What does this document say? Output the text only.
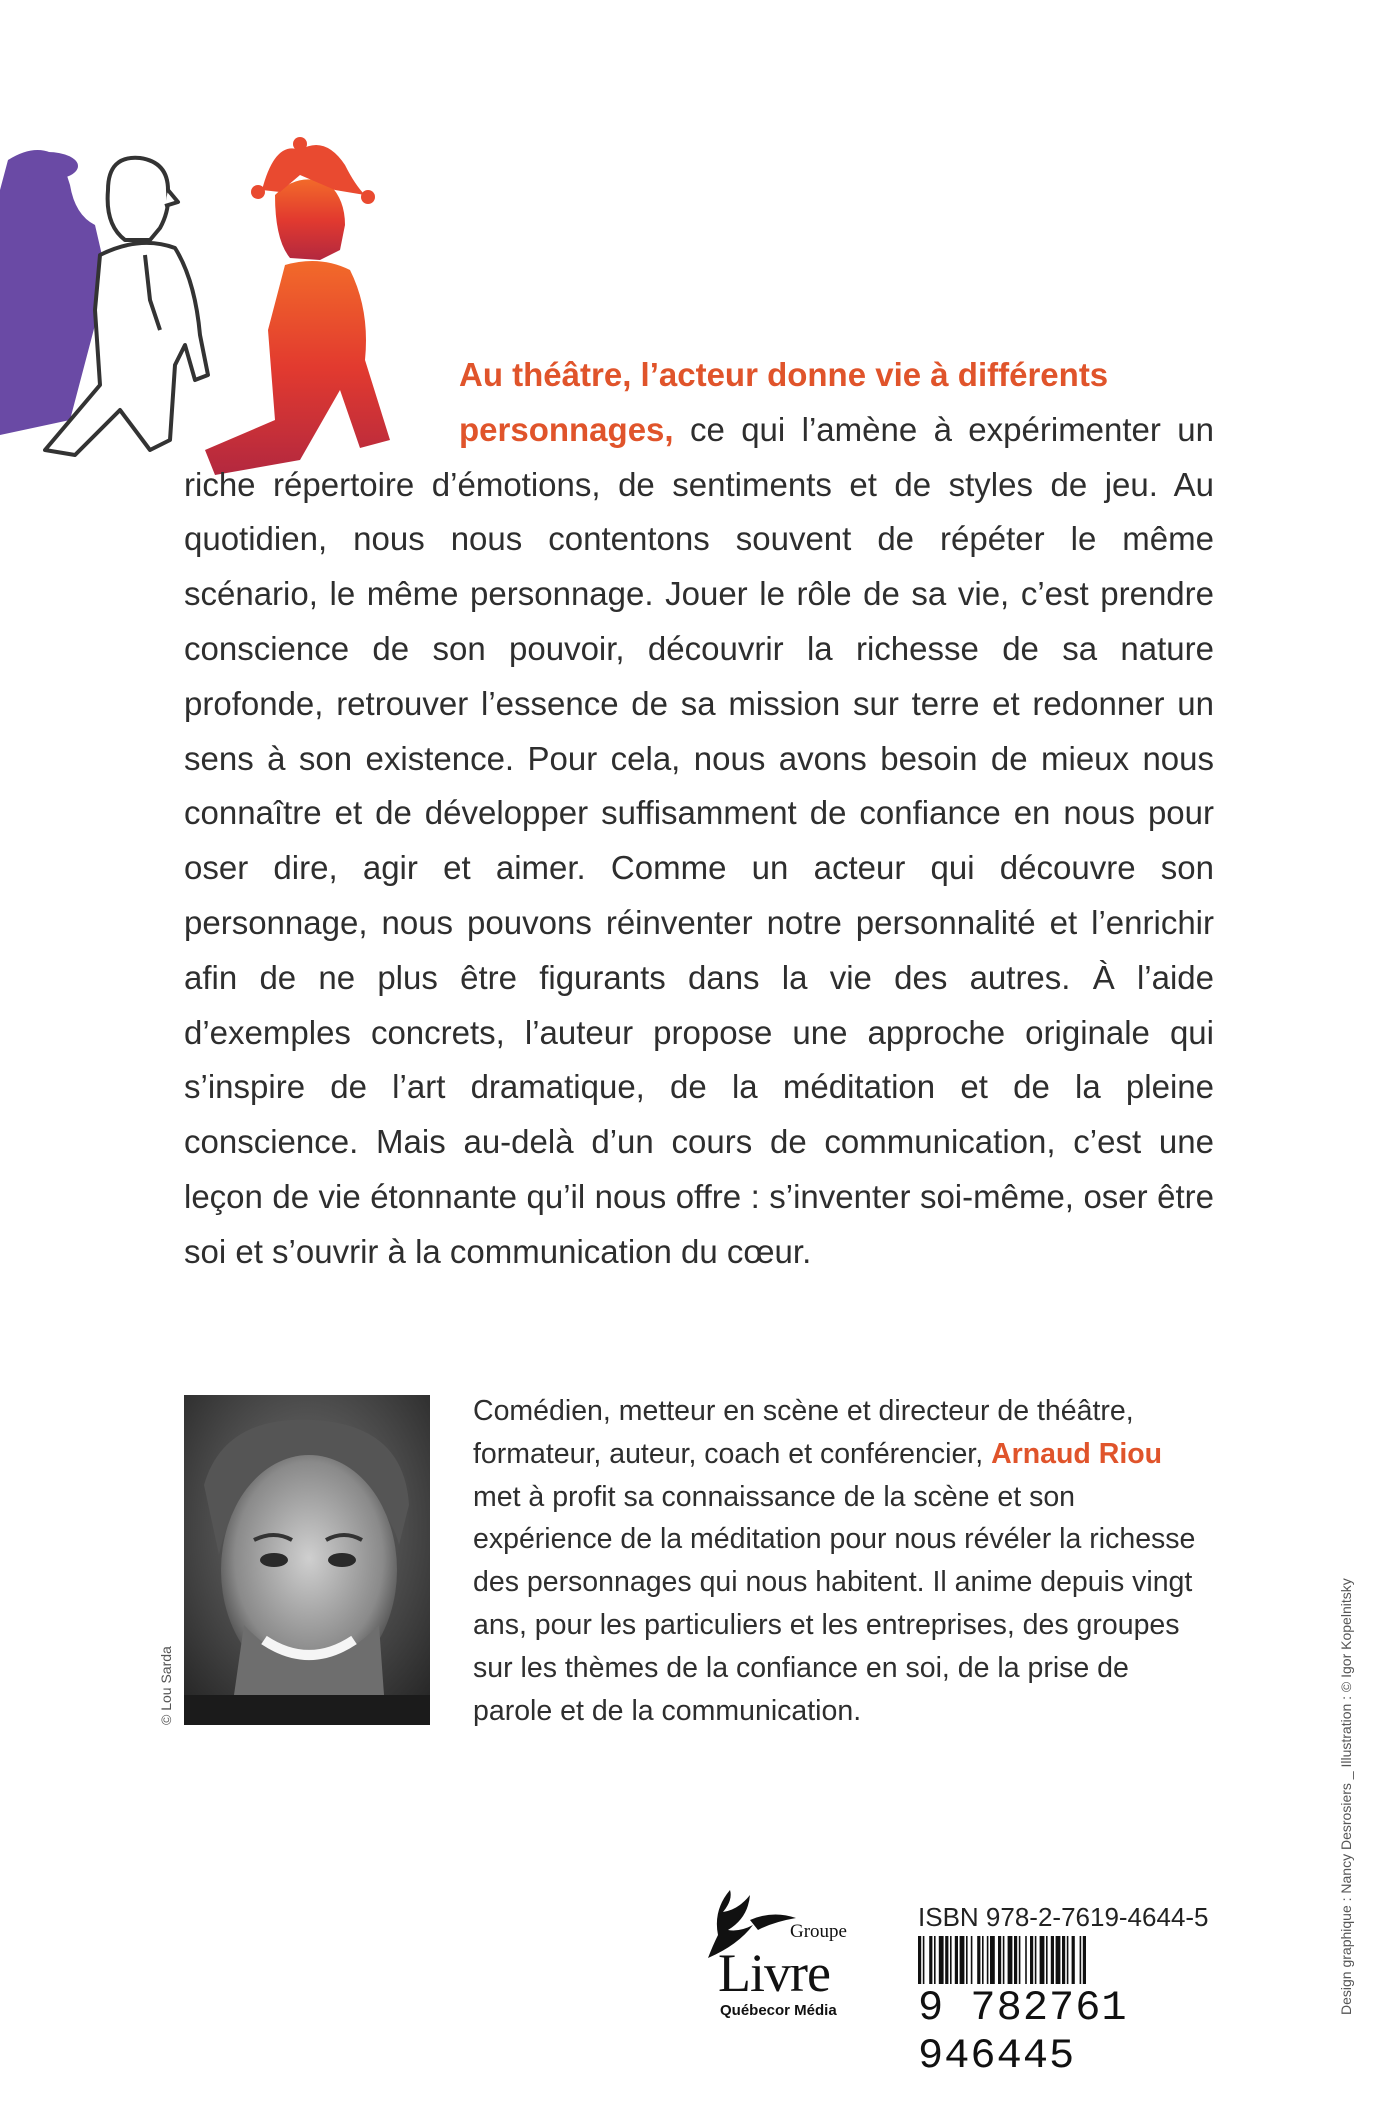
Au théâtre, l’acteur donne vie à différents
personnages, ce qui l’amène à expérimenter un riche répertoire d’émotions, de sentiments et de styles de jeu. Au quotidien, nous nous contentons souvent de répéter le même scénario, le même personnage. Jouer le rôle de sa vie, c’est prendre conscience de son pouvoir, découvrir la richesse de sa nature profonde, retrouver l’essence de sa mission sur terre et redonner un sens à son existence. Pour cela, nous avons besoin de mieux nous connaître et de développer suffisamment de confiance en nous pour oser dire, agir et aimer. Comme un acteur qui découvre son personnage, nous pouvons réinventer notre personnalité et l’enrichir afin de ne plus être figurants dans la vie des autres. À l’aide d’exemples concrets, l’auteur propose une approche originale qui s’inspire de l’art dramatique, de la méditation et de la pleine conscience. Mais au-delà d’un cours de communication, c’est une leçon de vie étonnante qu’il nous offre : s’inventer soi-même, oser être soi et s’ouvrir à la communication du cœur.

© Lou Sarda

Comédien, metteur en scène et directeur de théâtre, formateur, auteur, coach et conférencier, Arnaud Riou met à profit sa connaissance de la scène et son expérience de la méditation pour nous révéler la richesse des personnages qui nous habitent. Il anime depuis vingt ans, pour les particuliers et les entreprises, des groupes sur les thèmes de la confiance en soi, de la prise de parole et de la communication.	Design graphique : Nancy Desrosiers _ Illustration : © Igor Kopelnitsky
Groupe
Livre
Québecor Média
ISBN 978-2-7619-4644-5
9 782761 946445
